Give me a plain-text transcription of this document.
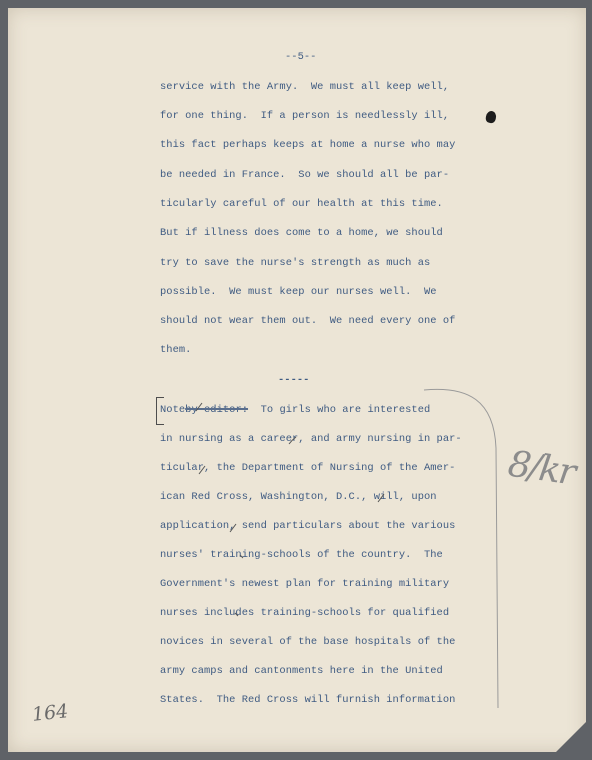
--5--
service with the Army.  We must all keep well,
for one thing.  If a person is needlessly ill,
this fact perhaps keeps at home a nurse who may
be needed in France.  So we should all be par-
ticularly careful of our health at this time.
But if illness does come to a home, we should
try to save the nurse's strength as much as
possible.  We must keep our nurses well.  We
should not wear them out.  We need every one of
them.
-----
Noteby editor:  To girls who are interested
in nursing as a career, and army nursing in par-
ticular, the Department of Nursing of the Amer-
ican Red Cross, Washington, D.C., will, upon
application, send particulars about the various
nurses' training-schools of the country.  The
Government's newest plan for training military
nurses includes training-schools for qualified
novices in several of the base hospitals of the
army camps and cantonments here in the United
States.  The Red Cross will furnish information
8/kr
164
